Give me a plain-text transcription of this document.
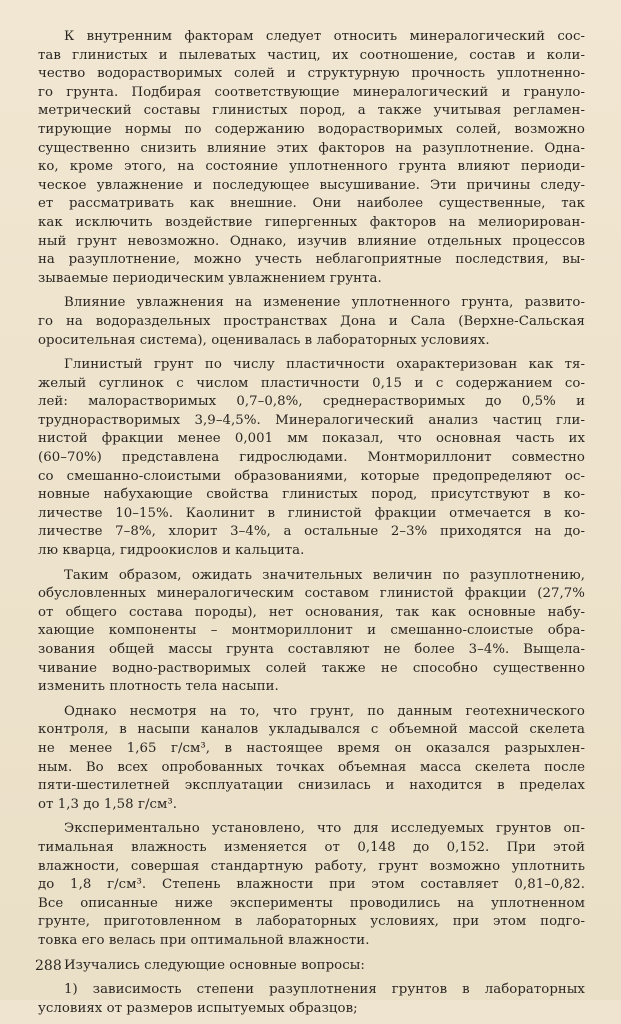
К внутренним факторам следует относить минералогический сос-
тав глинистых и пылеватых частиц, их соотношение, состав и коли-
чество водорастворимых солей и структурную прочность уплотненно-
го грунта. Подбирая соответствующие минералогический и грануло-
метрический составы глинистых пород, а также учитывая регламен-
тирующие нормы по содержанию водорастворимых солей, возможно
существенно снизить влияние этих факторов на разуплотнение. Одна-
ко, кроме этого, на состояние уплотненного грунта влияют периоди-
ческое увлажнение и последующее высушивание. Эти причины следу-
ет рассматривать как внешние. Они наиболее существенные, так
как исключить воздействие гипергенных факторов на мелиорирован-
ный грунт невозможно. Однако, изучив влияние отдельных процессов
на разуплотнение, можно учесть неблагоприятные последствия, вы-
зываемые периодическим увлажнением грунта.
Влияние увлажнения на изменение уплотненного грунта, развито-
го на водораздельных пространствах Дона и Сала (Верхне-Сальская
оросительная система), оценивалась в лабораторных условиях.
Глинистый грунт по числу пластичности охарактеризован как тя-
желый суглинок с числом пластичности 0,15 и с содержанием со-
лей: малорастворимых 0,7–0,8%, среднерастворимых до 0,5% и
труднорастворимых 3,9–4,5%. Минералогический анализ частиц гли-
нистой фракции менее 0,001 мм показал, что основная часть их
(60–70%) представлена гидрослюдами. Монтмориллонит совместно
со смешанно-слоистыми образованиями, которые предопределяют ос-
новные набухающие свойства глинистых пород, присутствуют в ко-
личестве 10–15%. Каолинит в глинистой фракции отмечается в ко-
личестве 7–8%, хлорит 3–4%, а остальные 2–3% приходятся на до-
лю кварца, гидроокислов и кальцита.
Таким образом, ожидать значительных величин по разуплотнению,
обусловленных минералогическим составом глинистой фракции (27,7%
от общего состава породы), нет основания, так как основные набу-
хающие компоненты – монтмориллонит и смешанно-слоистые обра-
зования общей массы грунта составляют не более 3–4%. Выщела-
чивание водно-растворимых солей также не способно существенно
изменить плотность тела насыпи.
Однако несмотря на то, что грунт, по данным геотехнического
контроля, в насыпи каналов укладывался с объемной массой скелета
не менее 1,65 г/см³, в настоящее время он оказался разрыхлен-
ным. Во всех опробованных точках объемная масса скелета после
пяти-шестилетней эксплуатации снизилась и находится в пределах
от 1,3 до 1,58 г/см³.
Экспериментально установлено, что для исследуемых грунтов оп-
тимальная влажность изменяется от 0,148 до 0,152. При этой
влажности, совершая стандартную работу, грунт возможно уплотнить
до 1,8 г/см³. Степень влажности при этом составляет 0,81–0,82.
Все описанные ниже эксперименты проводились на уплотненном
грунте, приготовленном в лабораторных условиях, при этом подго-
товка его велась при оптимальной влажности.
Изучались следующие основные вопросы:
1) зависимость степени разуплотнения грунтов в лабораторных
условиях от размеров испытуемых образцов;
288
